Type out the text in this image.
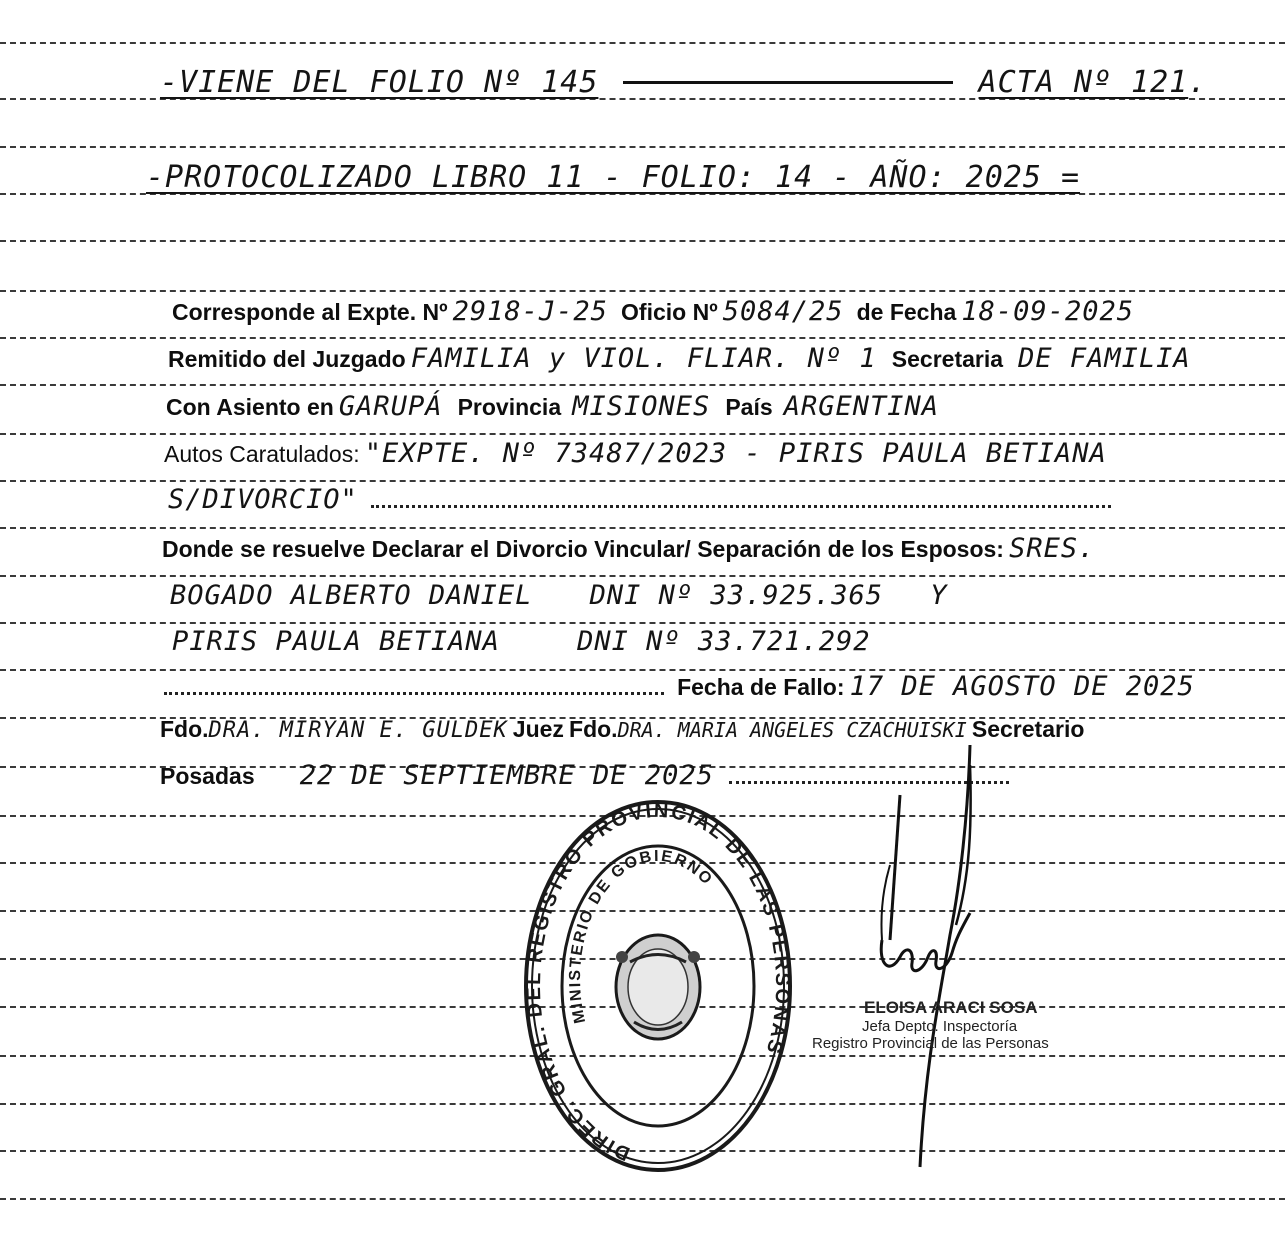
-VIENE DEL FOLIO Nº 145	ACTA Nº 121.
-PROTOCOLIZADO LIBRO 11 - FOLIO: 14 - AÑO: 2025 =
Corresponde al Expte. Nº 2918-J-25 Oficio Nº 5084/25 de Fecha 18-09-2025
Remitido del Juzgado FAMILIA y VIOL. FLIAR. Nº 1 Secretaria DE FAMILIA
Con Asiento en GARUPÁ Provincia MISIONES País ARGENTINA
Autos Caratulados: "EXPTE. Nº 73487/2023 - PIRIS PAULA BETIANA
S/DIVORCIO"
Donde se resuelve Declarar el Divorcio Vincular/ Separación de los Esposos: SRES.
BOGADO ALBERTO DANIEL DNI Nº 33.925.365 Y
PIRIS PAULA BETIANA	DNI Nº 33.721.292
Fecha de Fallo: 17 DE AGOSTO DE 2025
Fdo.DRA. MIRYAN E. GULDEK Juez Fdo.DRA. MARIA ANGELES CZACHUISKI Secretario
Posadas 22 DE SEPTIEMBRE DE 2025
DIREC. GRAL. DEL REGISTRO PROVINCIAL DE LAS PERSONAS
MINISTERIO DE GOBIERNO
ELOISA ARACI SOSA
Jefa Depto. Inspectoría
Registro Provincial de las Personas
